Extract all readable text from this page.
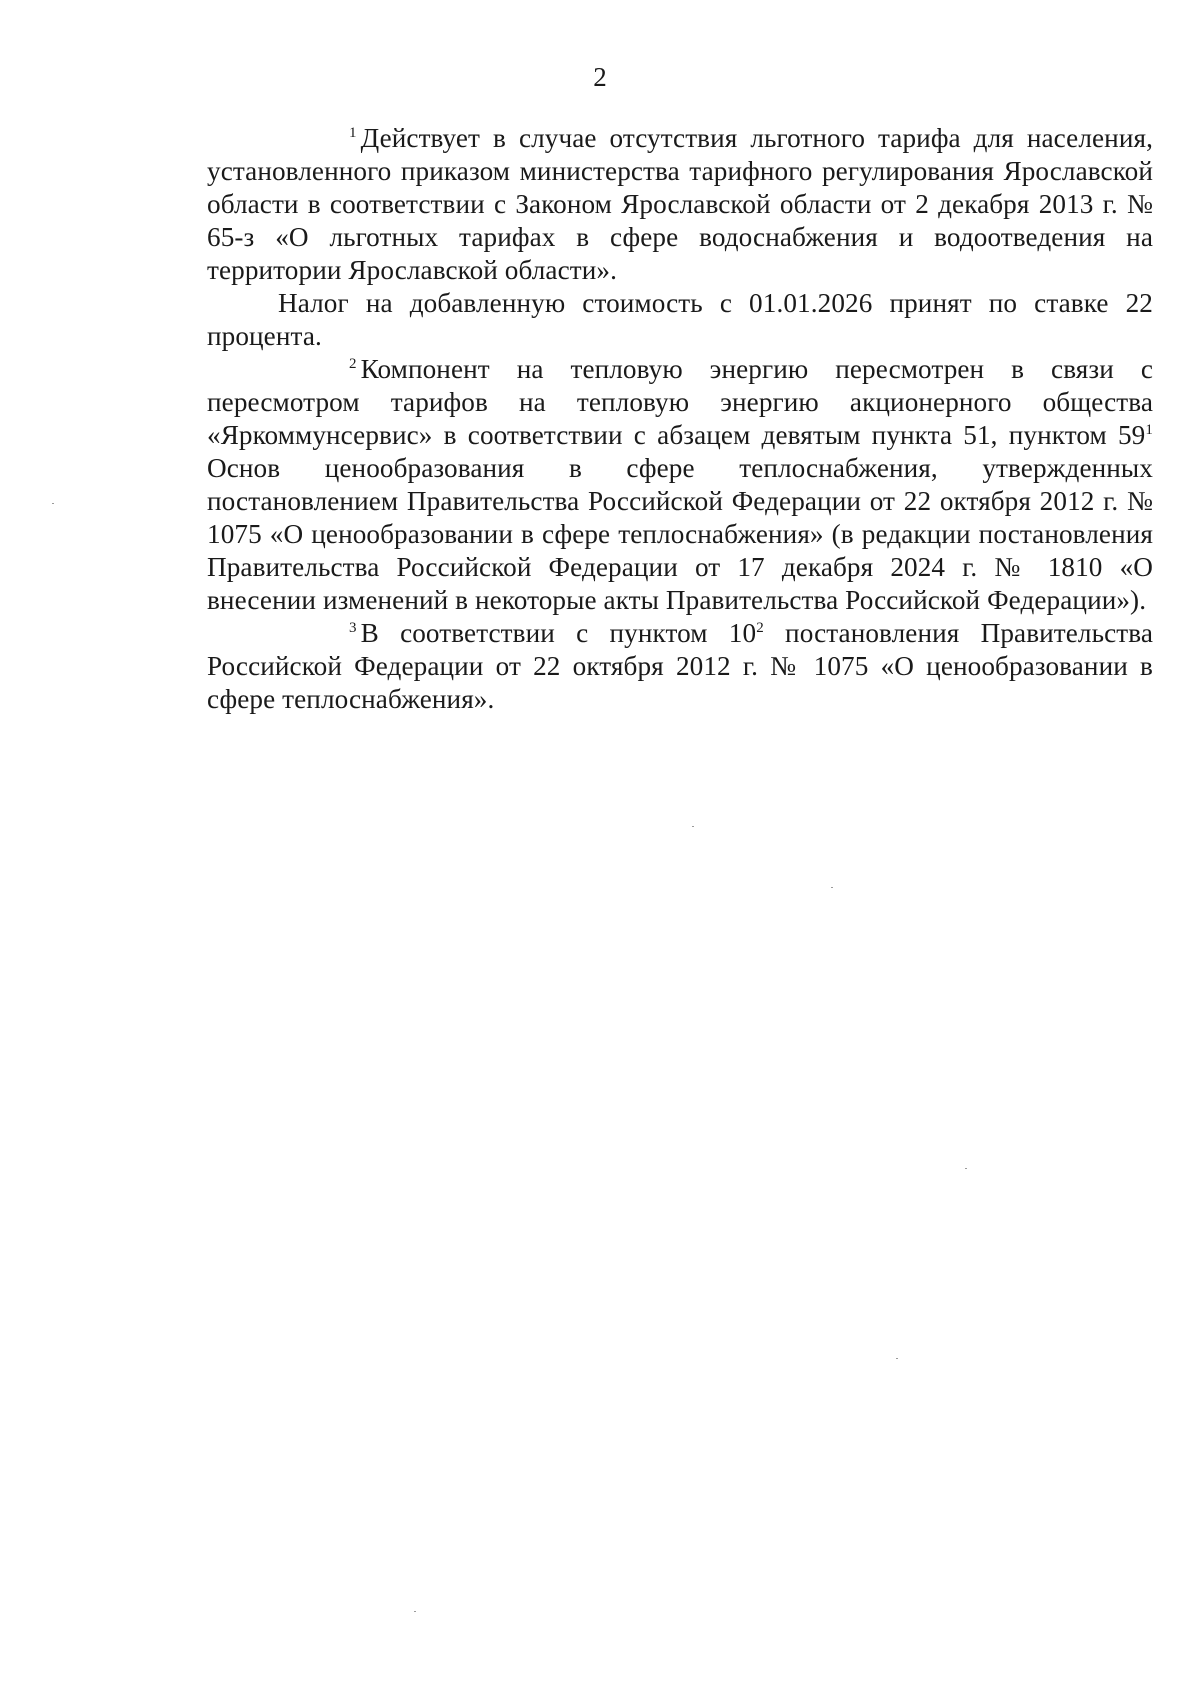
2

1 Действует в случае отсутствия льготного тарифа для населения, установленного приказом министерства тарифного регулирования Ярославской области в соответствии с Законом Ярославской области от 2 декабря 2013 г. № 65-з «О льготных тарифах в сфере водоснабжения и водоотведения на территории Ярославской области».

Налог на добавленную стоимость с 01.01.2026 принят по ставке 22 процента.

2 Компонент на тепловую энергию пересмотрен в связи с пересмотром тарифов на тепловую энергию акционерного общества «Яркоммунсервис» в соответствии с абзацем девятым пункта 51, пунктом $59^1$ Основ ценообразования в сфере теплоснабжения, утвержденных постановлением Правительства Российской Федерации от 22 октября 2012 г. № 1075 «О ценообразовании в сфере теплоснабжения» (в редакции постановления Правительства Российской Федерации от 17 декабря 2024 г. № 1810 «О внесении изменений в некоторые акты Правительства Российской Федерации»).

3 В соответствии с пунктом $10^2$ постановления Правительства Российской Федерации от 22 октября 2012 г. № 1075 «О ценообразовании в сфере теплоснабжения».
